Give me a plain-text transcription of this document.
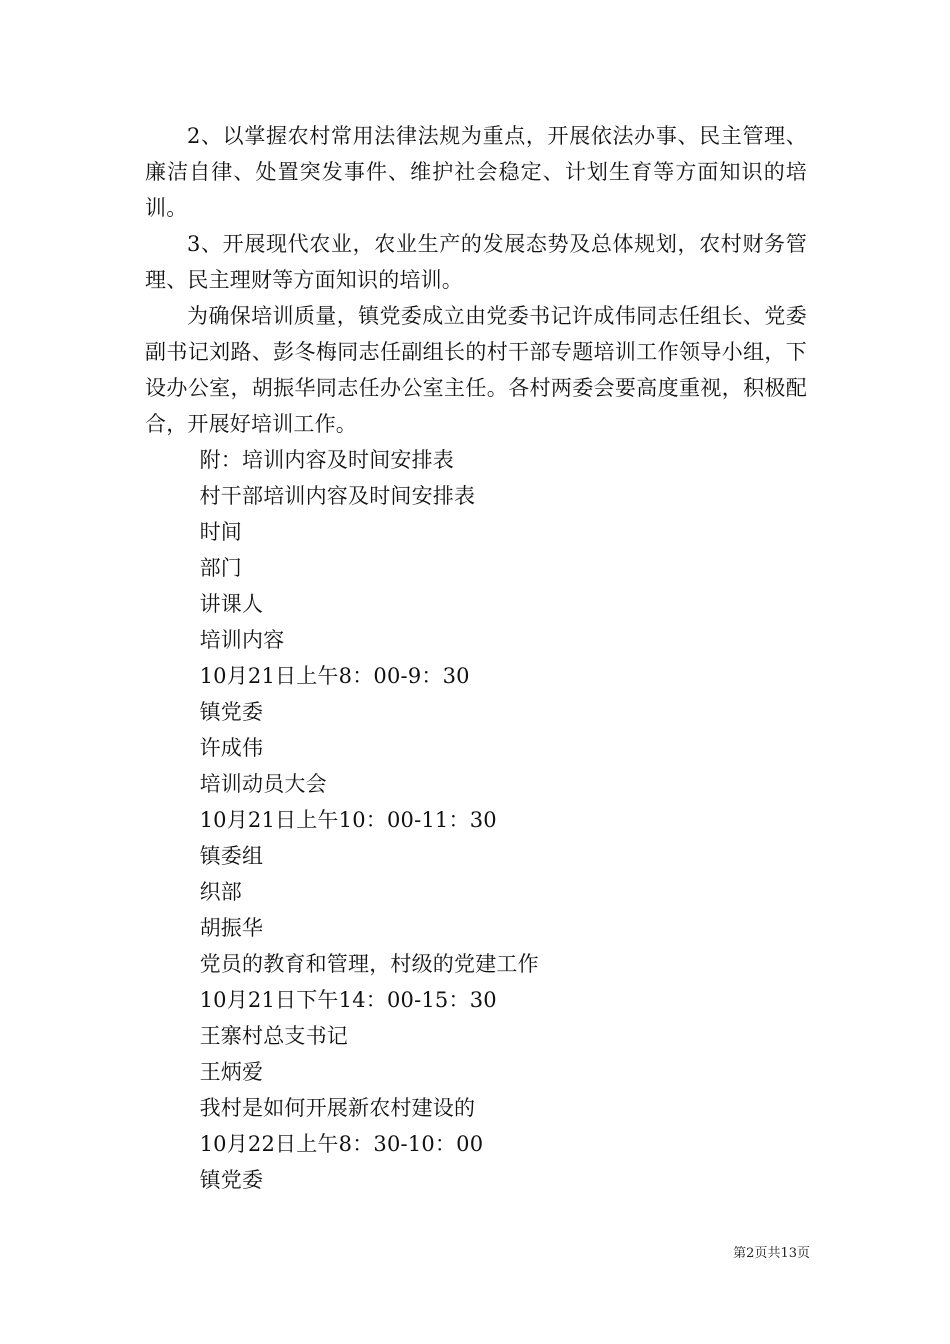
2、以掌握农村常用法律法规为重点，开展依法办事、民主管理、廉洁自律、处置突发事件、维护社会稳定、计划生育等方面知识的培训。

3、开展现代农业，农业生产的发展态势及总体规划，农村财务管理、民主理财等方面知识的培训。

为确保培训质量，镇党委成立由党委书记许成伟同志任组长、党委副书记刘路、彭冬梅同志任副组长的村干部专题培训工作领导小组，下设办公室，胡振华同志任办公室主任。各村两委会要高度重视，积极配合，开展好培训工作。

附：培训内容及时间安排表

村干部培训内容及时间安排表

时间

部门

讲课人

培训内容

10月21日上午8：00-9：30

镇党委

许成伟

培训动员大会

10月21日上午10：00-11：30

镇委组

织部

胡振华

党员的教育和管理，村级的党建工作

10月21日下午14：00-15：30

王寨村总支书记

王炳爱

我村是如何开展新农村建设的

10月22日上午8：30-10：00

镇党委

第2页共13页
